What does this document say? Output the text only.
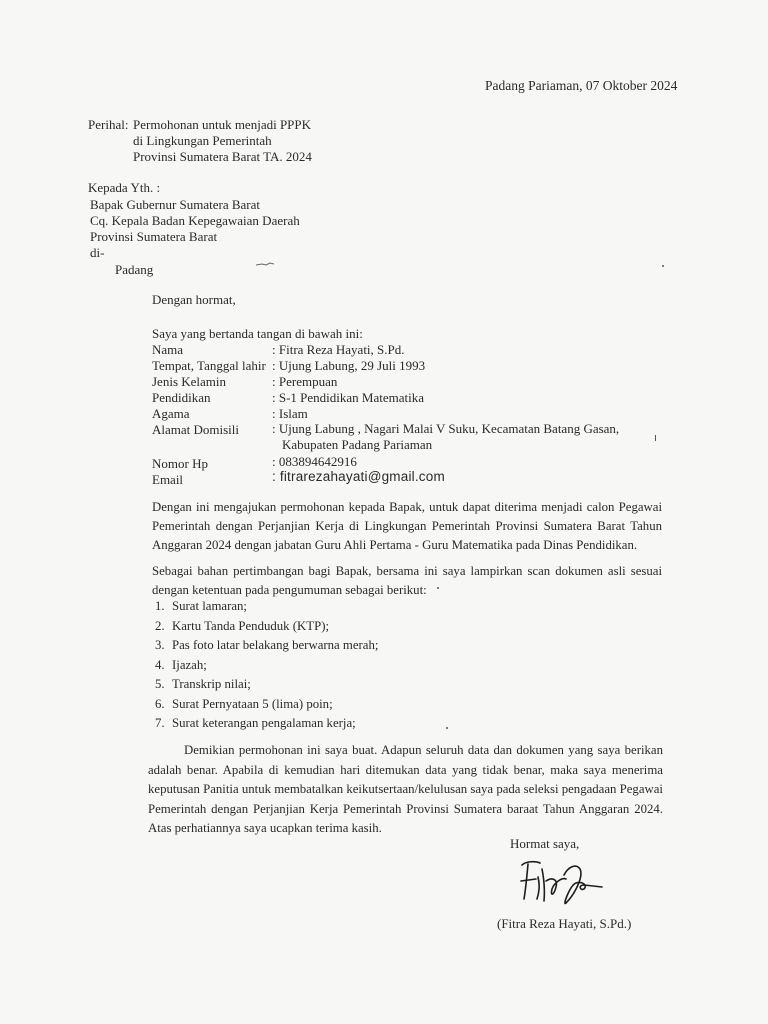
Padang Pariaman, 07 Oktober 2024
Perihal: Permohonan untuk menjadi PPPK
di Lingkungan Pemerintah
Provinsi Sumatera Barat TA. 2024
Kepada Yth. :
Bapak Gubernur Sumatera Barat
Cq. Kepala Badan Kepegawaian Daerah
Provinsi Sumatera Barat
di-
Padang
Dengan hormat,
Saya yang bertanda tangan di bawah ini:
Nama	: Fitra Reza Hayati, S.Pd.
Tempat, Tanggal lahir : Ujung Labung, 29 Juli 1993
Jenis Kelamin	: Perempuan
Pendidikan	: S-1 Pendidikan Matematika
Agama	: Islam
Alamat Domisili	: Ujung Labung , Nagari Malai V Suku, Kecamatan Batang Gasan,
Kabupaten Padang Pariaman
Nomor Hp	: 083894642916
Email	: fitrarezahayati@gmail.com
Dengan ini mengajukan permohonan kepada Bapak, untuk dapat diterima menjadi calon Pegawai Pemerintah dengan Perjanjian Kerja di Lingkungan Pemerintah Provinsi Sumatera Barat Tahun Anggaran 2024 dengan jabatan Guru Ahli Pertama - Guru Matematika pada Dinas Pendidikan.
Sebagai bahan pertimbangan bagi Bapak, bersama ini saya lampirkan scan dokumen asli sesuai dengan ketentuan pada pengumuman sebagai berikut:
1. Surat lamaran;
2. Kartu Tanda Penduduk (KTP);
3. Pas foto latar belakang berwarna merah;
4. Ijazah;
5. Transkrip nilai;
6. Surat Pernyataan 5 (lima) poin;
7. Surat keterangan pengalaman kerja;
Demikian permohonan ini saya buat. Adapun seluruh data dan dokumen yang saya berikan adalah benar. Apabila di kemudian hari ditemukan data yang tidak benar, maka saya menerima keputusan Panitia untuk membatalkan keikutsertaan/kelulusan saya pada seleksi pengadaan Pegawai Pemerintah dengan Perjanjian Kerja Pemerintah Provinsi Sumatera baraat Tahun Anggaran 2024. Atas perhatiannya saya ucapkan terima kasih.
Hormat saya,
(Fitra Reza Hayati, S.Pd.)
